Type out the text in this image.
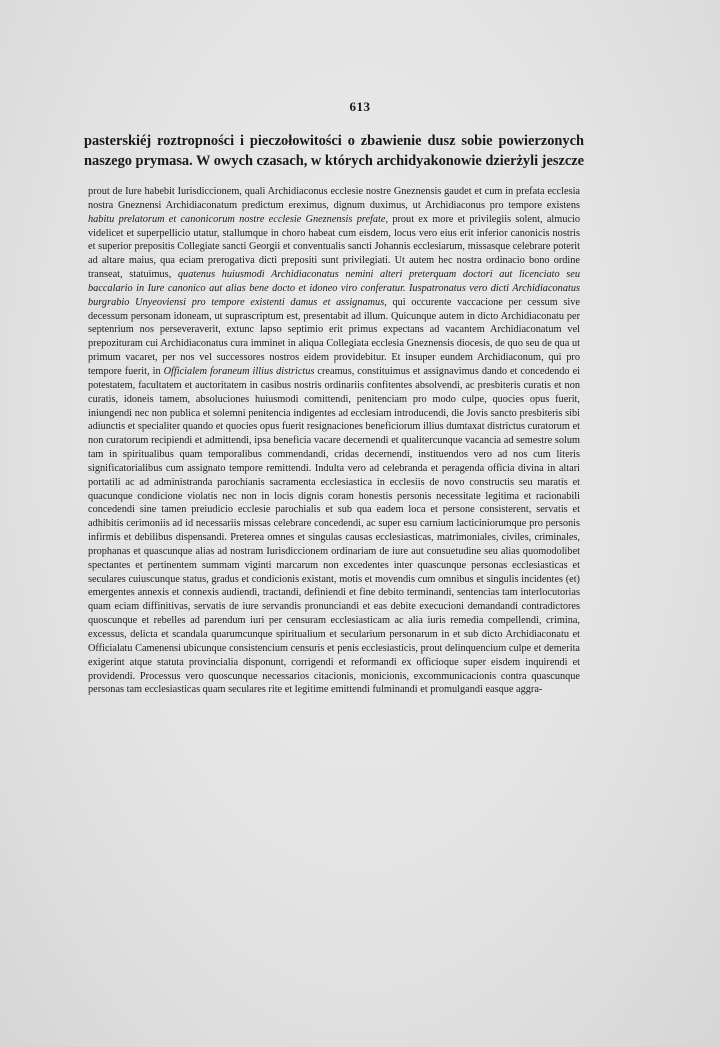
613

pasterskiéj roztropności i pieczołowitości o zbawienie dusz sobie powierzonych

naszego prymasa. W owych czasach, w których archidyakonowie dzierżyli jeszcze

prout de Iure habebit Iurisdiccionem, quali Archidiaconus ecclesie nostre Gneznensis gaudet et cum in prefata ecclesia nostra Gneznensi Archidiaconatum predictum ereximus, dignum duximus, ut Archidiaconus pro tempore existens habitu prelatorum et canonicorum nostre ecclesie Gneznensis prefate, prout ex more et privilegiis solent, almucio videlicet et superpellicio utatur, stallumque in choro habeat cum eisdem, locus vero eius erit inferior canonicis nostris et superior prepositis Collegiate sancti Georgii et conventualis sancti Johannis ecclesiarum, missasque celebrare poterit ad altare maius, qua eciam prerogativa dicti prepositi sunt privilegiati. Ut autem hec nostra ordinacio bono ordine transeat, statuimus, quatenus huiusmodi Archidiaconatus nemini alteri preterquam doctori aut licenciato seu baccalario in Iure canonico aut alias bene docto et idoneo viro conferatur. Iuspatronatus vero dicti Archidiaconatus burgrabio Unyeoviensi pro tempore existenti damus et assignamus, qui occurente vaccacione per cessum sive decessum personam idoneam, ut suprascriptum est, presentabit ad illum. Quicunque autem in dicto Archidiaconatu per septenrium nos perseveraverit, extunc lapso septimio erit primus expectans ad vacantem Archidiaconatum vel prepozituram cui Archidiaconatus cura imminet in aliqua Collegiata ecclesia Gneznensis diocesis, de quo seu de qua ut primum vacaret, per nos vel successores nostros eidem providebitur. Et insuper eundem Archidiaconum, qui pro tempore fuerit, in Officialem foraneum illius districtus creamus, constituimus et assignavimus dando et concedendo ei potestatem, facultatem et auctoritatem in casibus nostris ordinariis confitentes absolvendi, ac presbiteris curatis et non curatis, idoneis tamem, absoluciones huiusmodi comittendi, penitenciam pro modo culpe, quocies opus fuerit, iniungendi nec non publica et solemni penitencia indigentes ad ecclesiam introducendi, die Jovis sancto presbiteris sibi adiunctis et specialiter quando et quocies opus fuerit resignaciones beneficiorum illius dumtaxat districtus curatorum et non curatorum recipiendi et admittendi, ipsa beneficia vacare decernendi et qualitercunque vacancia ad semestre solum tam in spiritualibus quam temporalibus commendandi, cridas decernendi, instituendos vero ad nos cum literis significatorialibus cum assignato tempore remittendi. Indulta vero ad celebranda et peragenda officia divina in altari portatili ac ad administranda parochianis sacramenta ecclesiastica in ecclesiis de novo constructis seu maratis et quacunque condicione violatis nec non in locis dignis coram honestis personis necessitate legitima et racionabili concedendi sine tamen preiudicio ecclesie parochialis et sub qua eadem loca et persone consisterent, servatis et adhibitis cerimoniis ad id necessariis missas celebrare concedendi, ac super esu carnium lacticiniorumque pro personis infirmis et debilibus dispensandi. Preterea omnes et singulas causas ecclesiasticas, matrimoniales, civiles, criminales, prophanas et quascunque alias ad nostram Iurisdiccionem ordinariam de iure aut consuetudine seu alias quomodolibet spectantes et pertinentem summam viginti marcarum non excedentes inter quascunque personas ecclesiasticas et seculares cuiuscunque status, gradus et condicionis existant, motis et movendis cum omnibus et singulis incidentes (et) emergentes annexis et connexis audiendi, tractandi, definiendi et fine debito terminandi, sentencias tam interlocutorias quam eciam diffinitivas, servatis de iure servandis pronunciandi et eas debite execucioni demandandi contradictores quoscunque et rebelles ad parendum iuri per censuram ecclesiasticam ac alia iuris remedia compellendi, crimina, excessus, delicta et scandala quarumcunque spiritualium et secularium personarum in et sub dicto Archidiaconatu et Officialatu Camenensi ubicunque consistencium censuris et penis ecclesiasticis, prout delinquencium culpe et demerita exigerint atque statuta provincialia disponunt, corrigendi et reformandi ex officioque super eisdem inquirendi et providendi. Processus vero quoscunque necessarios citacionis, monicionis, excommunicacionis contra quascunque personas tam ecclesiasticas quam seculares rite et legitime emittendi fulminandi et promulgandi easque aggra-
